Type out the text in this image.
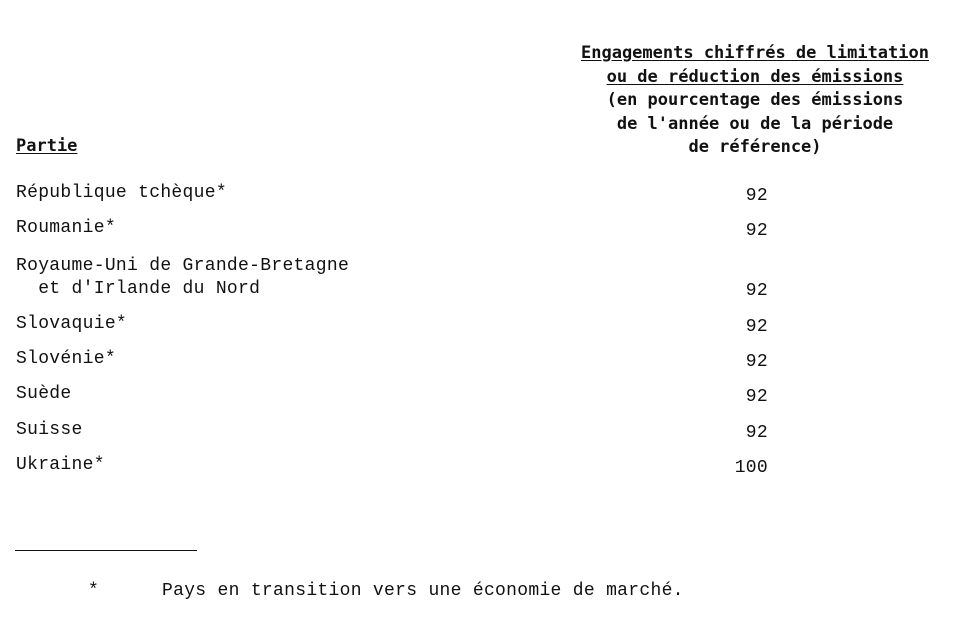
Engagements chiffrés de limitation
ou de réduction des émissions
(en pourcentage des émissions
de l'année ou de la période
de référence)
Partie
République tchèque*	92
Roumanie*	92
Royaume-Uni de Grande-Bretagne
et d'Irlande du Nord	92
Slovaquie*	92
Slovénie*	92
Suède	92
Suisse	92
Ukraine*	100
*	Pays en transition vers une économie de marché.
